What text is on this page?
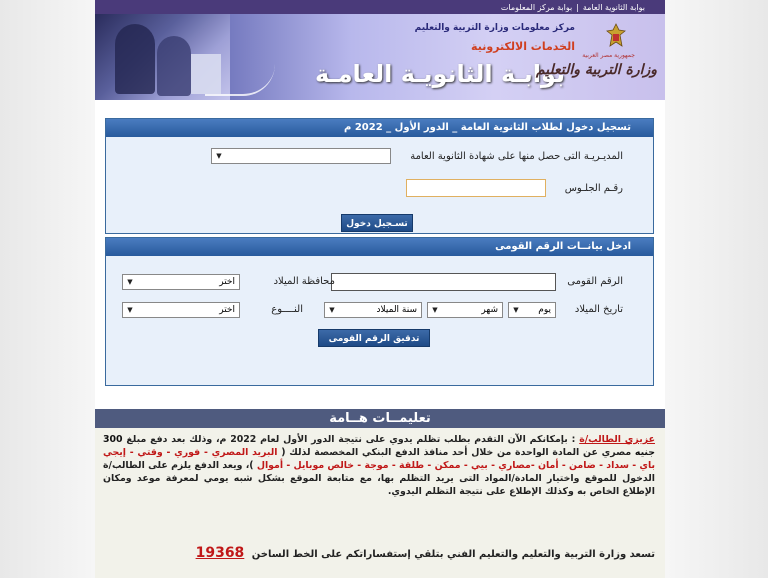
بوابة الثانوية العامة
|
بوابة مركز المعلومات
مركز معلومات وزارة التربية والتعليم
الخدمات الالكترونية
بوابـة الثانويـة العامـة
جمهورية مصر العربية
وزارة التربية والتعليم
تسجيل دخول لطلاب الثانوية العامة _ الدور الأول _ 2022 م
المديـريـة التى حصل منها على شهادة الثانوية العامة
▼
رقـم الجلـوس
تسـجيل دخول
ادخل بيانــات الرقم القومى
الرقم القومى
محافظة الميلاد
اختر
▼
تاريخ الميلاد
يوم
▼
شهر
▼
سنة الميلاد
▼
النــــوع
اختر
▼
تدقيق الرقم القومى
تعليمــات هــامة
عزيزي الطالب/ة : بإمكانكم الآن التقدم بطلب تظلم يدوي على نتيجة الدور الأول لعام 2022 م، وذلك بعد دفع مبلغ 300 جنيه مصري عن المادة الواحدة من خلال أحد منافذ الدفع البنكي المخصصة لذلك ( البريد المصري - فوري - وقتي - إيجي باي - سداد - ضامن - أمان -مصاري - بيي - ممكن - طلقة - موجة - خالص موبايل - أموال )، ويعد الدفع يلزم على الطالب/ة الدخول للموقع واختيار المادة/المواد التى يريد التظلم بها، مع متابعة الموقع بشكل شبه يومي لمعرفة موعد ومكان الإطلاع الخاص به وكذلك الإطلاع على نتيجة التظلم اليدوي.
تسعد وزارة التربية والتعليم والتعليم الفني بتلقي إستفساراتكم على الخط الساخن 19368
